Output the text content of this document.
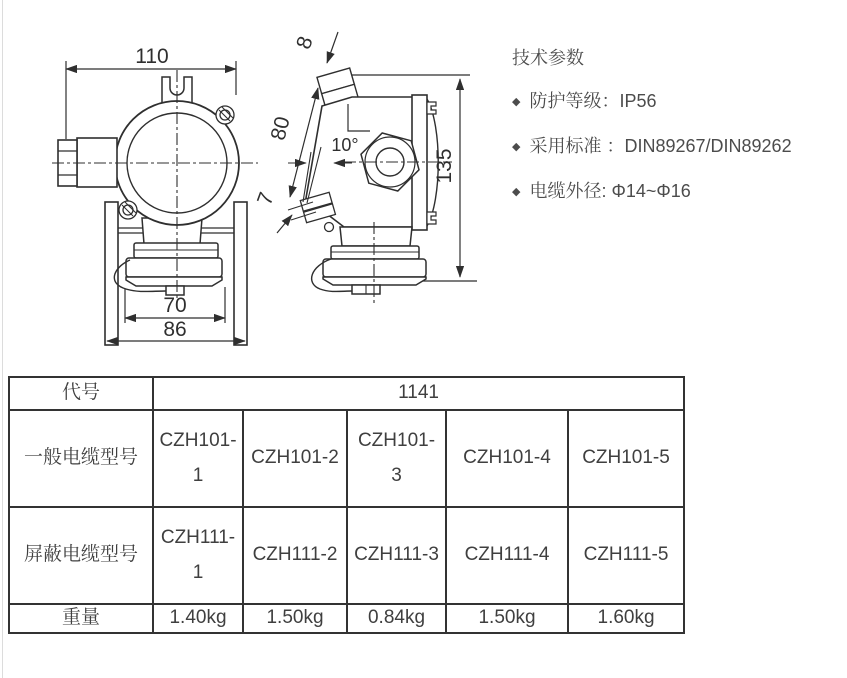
110
70
86
135
80
8
10°
7
技术参数
◆ 防护等级：IP56
◆ 采用标准 ：DIN89267/DIN89262
◆ 电缆外径: Φ14~Φ16
代号	1141				
一般电缆型号	CZH101-1	CZH101-2	CZH101-3	CZH101-4	CZH101-5
屏蔽电缆型号	CZH111-1	CZH111-2	CZH111-3	CZH111-4	CZH111-5
重量	1.40kg	1.50kg	0.84kg	1.50kg	1.60kg
